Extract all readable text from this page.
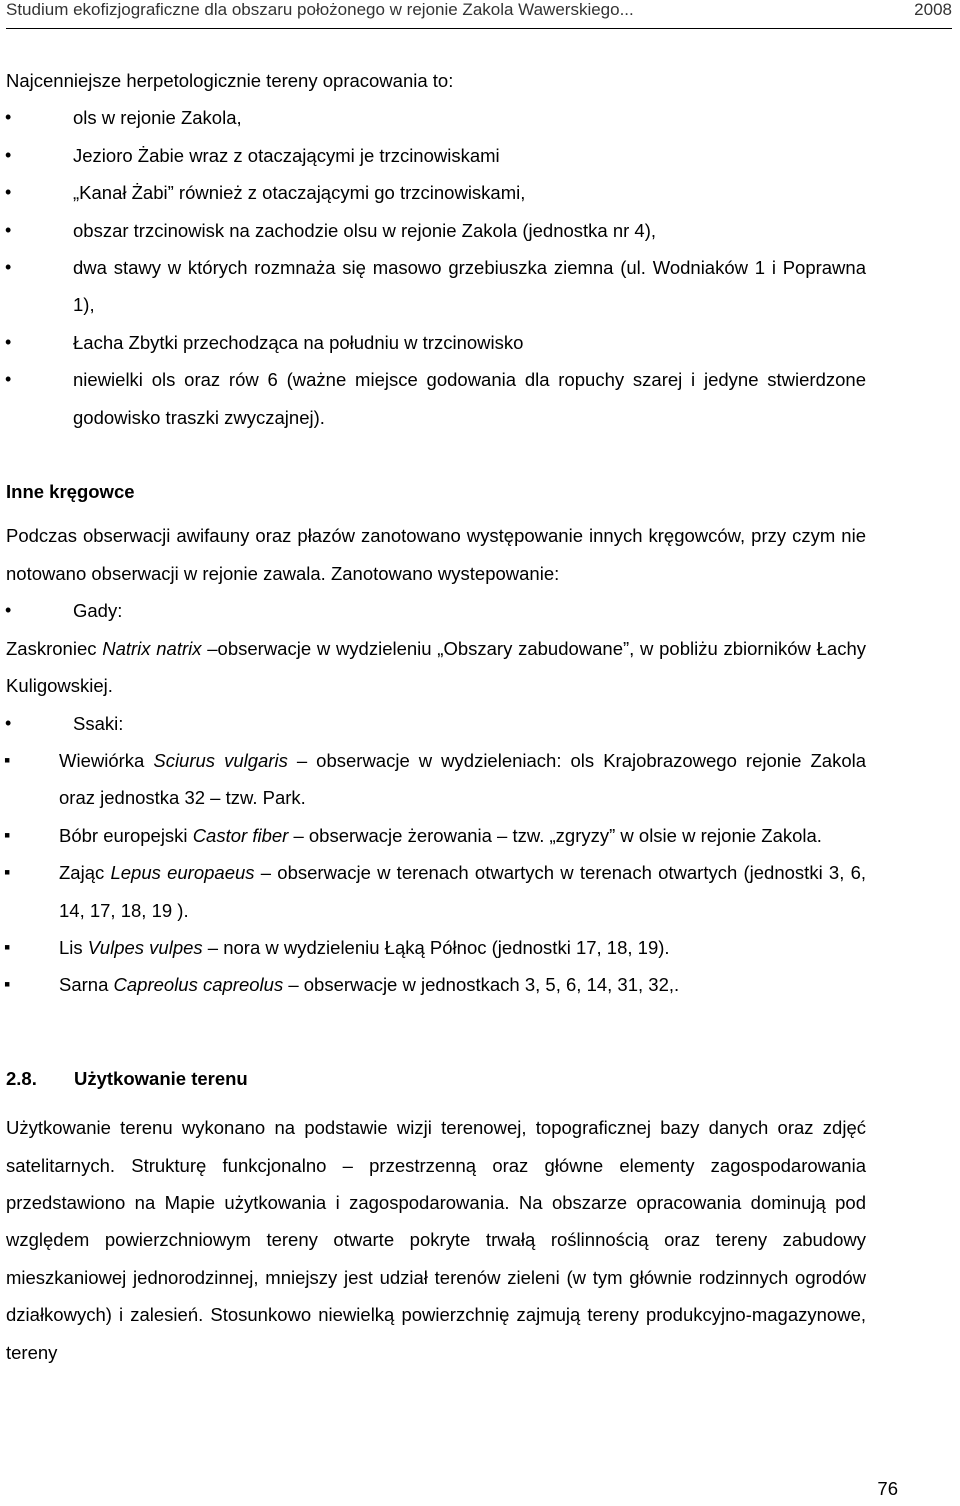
Studium ekofizjograficzne dla obszaru położonego w rejonie Zakola Wawerskiego...	2008

Najcenniejsze herpetologicznie tereny opracowania to:

• ols w rejonie Zakola,
• Jezioro Żabie wraz z otaczającymi je trzcinowiskami
• „Kanał Żabi” również z otaczającymi go trzcinowiskami,
• obszar trzcinowisk na zachodzie olsu w rejonie Zakola (jednostka nr 4),
• dwa stawy w których rozmnaża się masowo grzebiuszka ziemna (ul. Wodniaków 1 i Poprawna 1),
• Łacha Zbytki przechodząca na południu w trzcinowisko
• niewielki ols oraz rów 6 (ważne miejsce godowania dla ropuchy szarej i jedyne stwierdzone godowisko traszki zwyczajnej).

Inne kręgowce

Podczas obserwacji awifauny oraz płazów zanotowano występowanie innych kręgowców, przy czym nie notowano obserwacji w rejonie zawala. Zanotowano wystepowanie:

• Gady:

Zaskroniec Natrix natrix –obserwacje w wydzieleniu „Obszary zabudowane”, w pobliżu zbiorników Łachy Kuligowskiej.

• Ssaki:
▪ Wiewiórka Sciurus vulgaris – obserwacje w wydzieleniach: ols Krajobrazowego rejonie Zakola oraz jednostka 32 – tzw. Park.
▪ Bóbr europejski Castor fiber – obserwacje żerowania – tzw. „zgryzy” w olsie w rejonie Zakola.
▪ Zając Lepus europaeus – obserwacje w terenach otwartych w terenach otwartych (jednostki 3, 6, 14, 17, 18, 19 ).
▪ Lis Vulpes vulpes – nora w wydzieleniu Łąką Północ (jednostki 17, 18, 19).
▪ Sarna Capreolus capreolus – obserwacje w jednostkach 3, 5, 6, 14, 31, 32,.

2.8. Użytkowanie terenu

Użytkowanie terenu wykonano na podstawie wizji terenowej, topograficznej bazy danych oraz zdjęć satelitarnych. Strukturę funkcjonalno – przestrzenną oraz główne elementy zagospodarowania przedstawiono na Mapie użytkowania i zagospodarowania. Na obszarze opracowania dominują pod względem powierzchniowym tereny otwarte pokryte trwałą roślinnością oraz tereny zabudowy mieszkaniowej jednorodzinnej, mniejszy jest udział terenów zieleni (w tym głównie rodzinnych ogrodów działkowych) i zalesień. Stosunkowo niewielką powierzchnię zajmują tereny produkcyjno-magazynowe, tereny

76
